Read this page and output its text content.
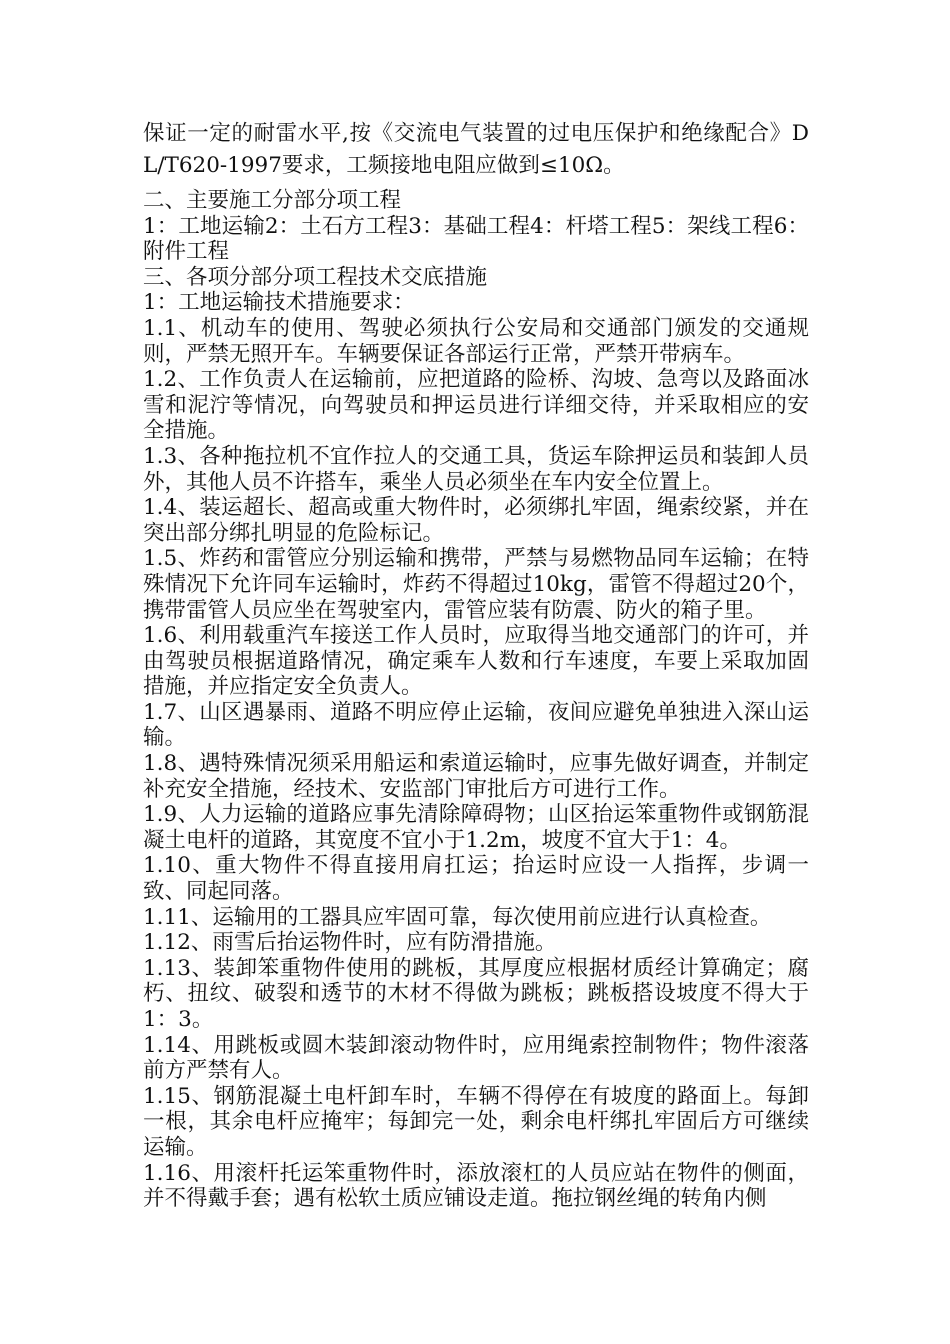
保证一定的耐雷水平,按《交流电气装置的过电压保护和绝缘配合》DL/T620-1997要求，工频接地电阻应做到≤10Ω。

二、主要施工分部分项工程

1：工地运输2：土石方工程3：基础工程4：杆塔工程5：架线工程6：附件工程

三、各项分部分项工程技术交底措施

1：工地运输技术措施要求：

1.1、机动车的使用、驾驶必须执行公安局和交通部门颁发的交通规则，严禁无照开车。车辆要保证各部运行正常，严禁开带病车。

1.2、工作负责人在运输前，应把道路的险桥、沟坡、急弯以及路面冰雪和泥泞等情况，向驾驶员和押运员进行详细交待，并采取相应的安全措施。

1.3、各种拖拉机不宜作拉人的交通工具，货运车除押运员和装卸人员外，其他人员不许搭车，乘坐人员必须坐在车内安全位置上。

1.4、装运超长、超高或重大物件时，必须绑扎牢固，绳索绞紧，并在突出部分绑扎明显的危险标记。

1.5、炸药和雷管应分别运输和携带，严禁与易燃物品同车运输；在特殊情况下允许同车运输时，炸药不得超过10kg，雷管不得超过20个，携带雷管人员应坐在驾驶室内，雷管应装有防震、防火的箱子里。

1.6、利用载重汽车接送工作人员时，应取得当地交通部门的许可，并由驾驶员根据道路情况，确定乘车人数和行车速度，车要上采取加固措施，并应指定安全负责人。

1.7、山区遇暴雨、道路不明应停止运输，夜间应避免单独进入深山运输。

1.8、遇特殊情况须采用船运和索道运输时，应事先做好调查，并制定补充安全措施，经技术、安监部门审批后方可进行工作。

1.9、人力运输的道路应事先清除障碍物；山区抬运笨重物件或钢筋混凝土电杆的道路，其宽度不宜小于1.2m，坡度不宜大于1：4。

1.10、重大物件不得直接用肩扛运；抬运时应设一人指挥，步调一致、同起同落。

1.11、运输用的工器具应牢固可靠，每次使用前应进行认真检查。

1.12、雨雪后抬运物件时，应有防滑措施。

1.13、装卸笨重物件使用的跳板，其厚度应根据材质经计算确定；腐朽、扭纹、破裂和透节的木材不得做为跳板；跳板搭设坡度不得大于1：3。

1.14、用跳板或圆木装卸滚动物件时，应用绳索控制物件；物件滚落前方严禁有人。

1.15、钢筋混凝土电杆卸车时，车辆不得停在有坡度的路面上。每卸一根，其余电杆应掩牢；每卸完一处，剩余电杆绑扎牢固后方可继续运输。

1.16、用滚杆托运笨重物件时，添放滚杠的人员应站在物件的侧面，并不得戴手套；遇有松软土质应铺设走道。拖拉钢丝绳的转角内侧
